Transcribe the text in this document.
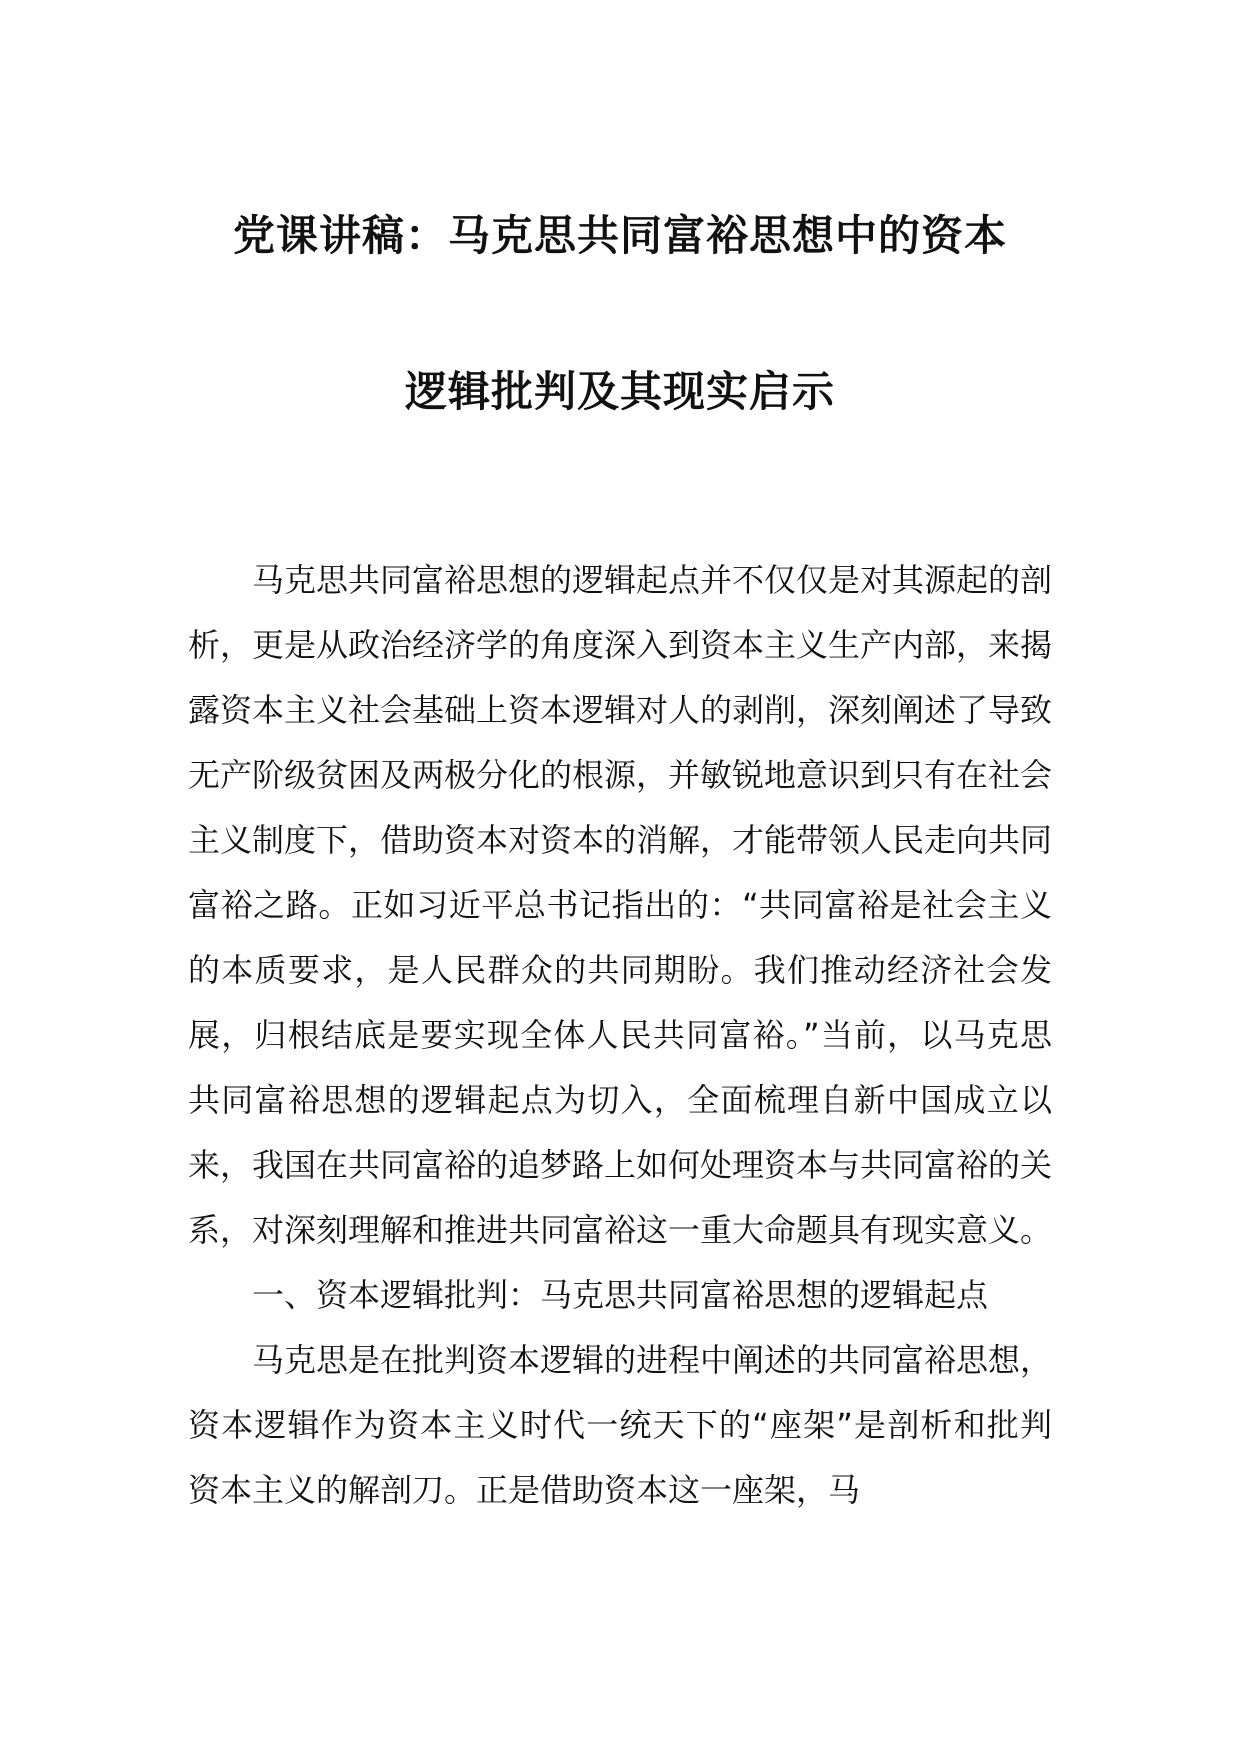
党课讲稿：马克思共同富裕思想中的资本
逻辑批判及其现实启示

马克思共同富裕思想的逻辑起点并不仅仅是对其源起的剖析，更是从政治经济学的角度深入到资本主义生产内部，来揭露资本主义社会基础上资本逻辑对人的剥削，深刻阐述了导致无产阶级贫困及两极分化的根源，并敏锐地意识到只有在社会主义制度下，借助资本对资本的消解，才能带领人民走向共同富裕之路。正如习近平总书记指出的：“共同富裕是社会主义的本质要求，是人民群众的共同期盼。我们推动经济社会发展，归根结底是要实现全体人民共同富裕。”当前，以马克思共同富裕思想的逻辑起点为切入，全面梳理自新中国成立以来，我国在共同富裕的追梦路上如何处理资本与共同富裕的关系，对深刻理解和推进共同富裕这一重大命题具有现实意义。

一、资本逻辑批判：马克思共同富裕思想的逻辑起点

马克思是在批判资本逻辑的进程中阐述的共同富裕思想，资本逻辑作为资本主义时代一统天下的“座架”是剖析和批判资本主义的解剖刀。正是借助资本这一座架，马
